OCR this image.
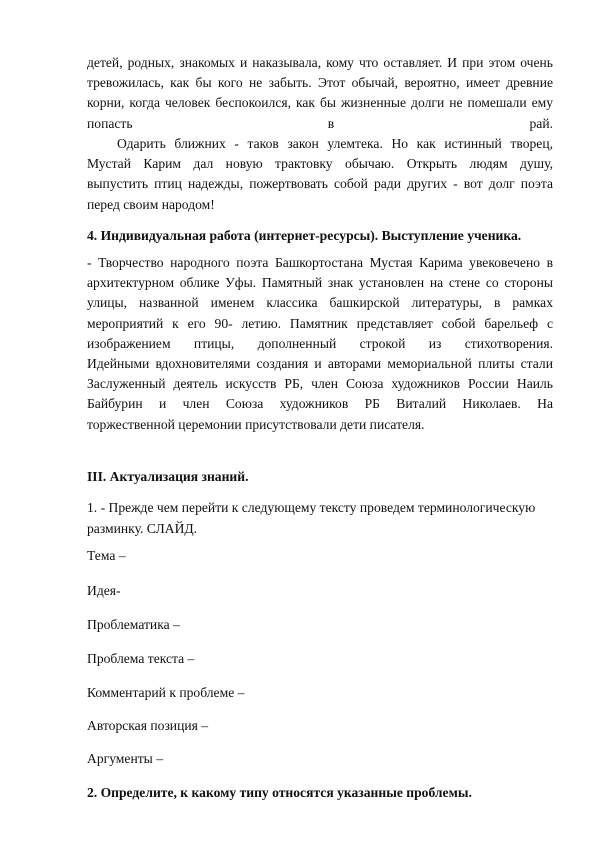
детей, родных, знакомых и наказывала, кому что оставляет. И при этом очень
тревожилась, как бы кого не забыть. Этот обычай, вероятно, имеет древние
корни, когда человек беспокоился, как бы жизненные долги не помешали ему
попасть в рай.
Одарить ближних - таков закон улемтека. Но как истинный творец,
Мустай Карим дал новую трактовку обычаю. Открыть людям душу,
выпустить птиц надежды, пожертвовать собой ради других - вот долг поэта
перед своим народом!
4. Индивидуальная работа (интернет-ресурсы). Выступление ученика.
- Творчество народного поэта Башкортостана Мустая Карима увековечено в
архитектурном облике Уфы. Памятный знак установлен на стене со стороны
улицы, названной именем классика башкирской литературы, в рамках
мероприятий к его 90- летию. Памятник представляет собой барельеф с
изображением птицы, дополненный строкой из стихотворения.
Идейными вдохновителями создания и авторами мемориальной плиты стали
Заслуженный деятель искусств РБ, член Союза художников России Наиль
Байбурин и член Союза художников РБ Виталий Николаев. На
торжественной церемонии присутствовали дети писателя.
III. Актуализация знаний.
1. - Прежде чем перейти к следующему тексту проведем терминологическую
разминку. СЛАЙД.
Тема –
Идея-
Проблематика –
Проблема текста –
Комментарий к проблеме –
Авторская позиция –
Аргументы –
2. Определите, к какому типу относятся указанные проблемы.
